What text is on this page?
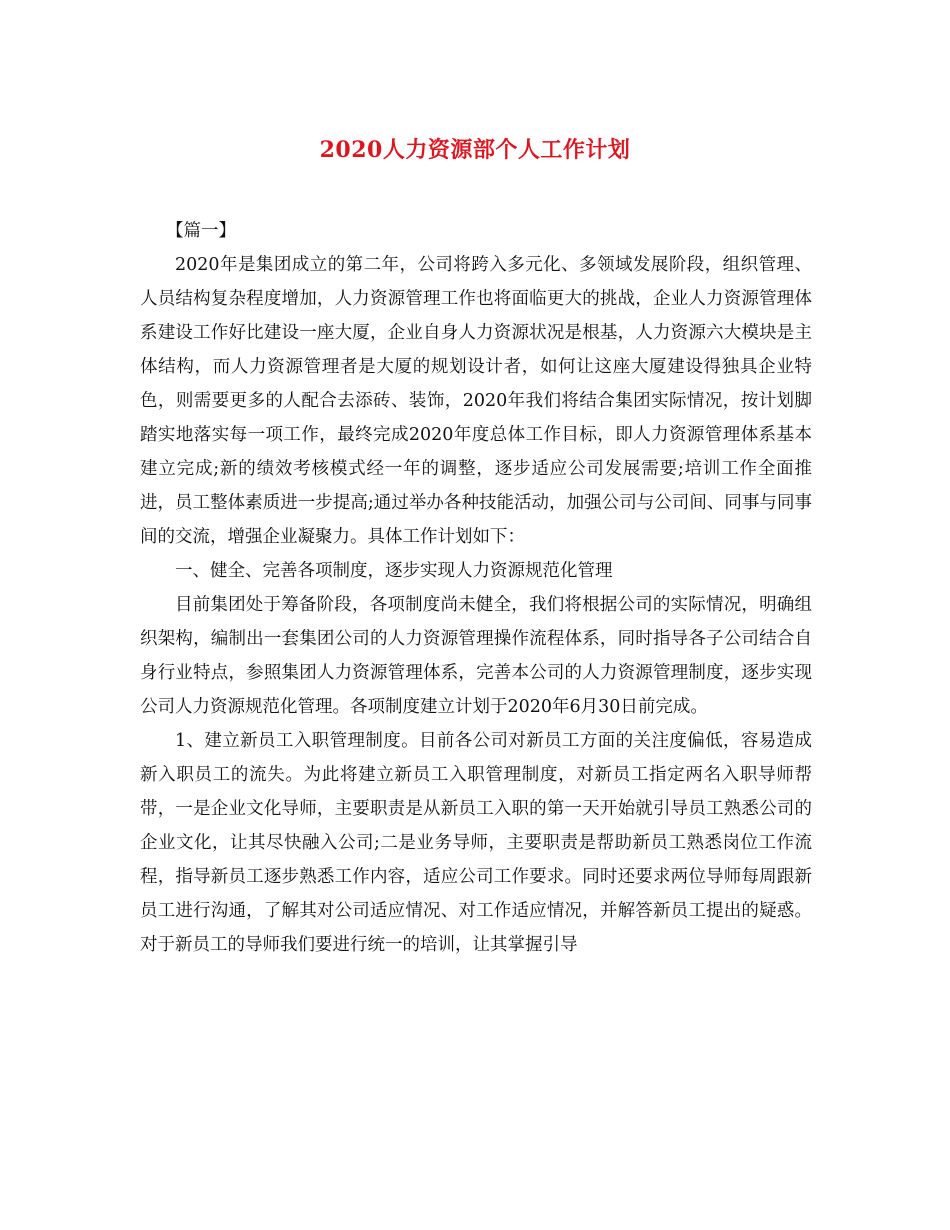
2020人力资源部个人工作计划

【篇一】

2020年是集团成立的第二年，公司将跨入多元化、多领域发展阶段，组织管理、人员结构复杂程度增加，人力资源管理工作也将面临更大的挑战，企业人力资源管理体系建设工作好比建设一座大厦，企业自身人力资源状况是根基，人力资源六大模块是主体结构，而人力资源管理者是大厦的规划设计者，如何让这座大厦建设得独具企业特色，则需要更多的人配合去添砖、装饰，2020年我们将结合集团实际情况，按计划脚踏实地落实每一项工作，最终完成2020年度总体工作目标，即人力资源管理体系基本建立完成;新的绩效考核模式经一年的调整，逐步适应公司发展需要;培训工作全面推进，员工整体素质进一步提高;通过举办各种技能活动，加强公司与公司间、同事与同事间的交流，增强企业凝聚力。具体工作计划如下：

一、健全、完善各项制度，逐步实现人力资源规范化管理

目前集团处于筹备阶段，各项制度尚未健全，我们将根据公司的实际情况，明确组织架构，编制出一套集团公司的人力资源管理操作流程体系，同时指导各子公司结合自身行业特点，参照集团人力资源管理体系，完善本公司的人力资源管理制度，逐步实现公司人力资源规范化管理。各项制度建立计划于2020年6月30日前完成。

1、建立新员工入职管理制度。目前各公司对新员工方面的关注度偏低，容易造成新入职员工的流失。为此将建立新员工入职管理制度，对新员工指定两名入职导师帮带，一是企业文化导师，主要职责是从新员工入职的第一天开始就引导员工熟悉公司的企业文化，让其尽快融入公司;二是业务导师，主要职责是帮助新员工熟悉岗位工作流程，指导新员工逐步熟悉工作内容，适应公司工作要求。同时还要求两位导师每周跟新员工进行沟通，了解其对公司适应情况、对工作适应情况，并解答新员工提出的疑惑。对于新员工的导师我们要进行统一的培训，让其掌握引导
